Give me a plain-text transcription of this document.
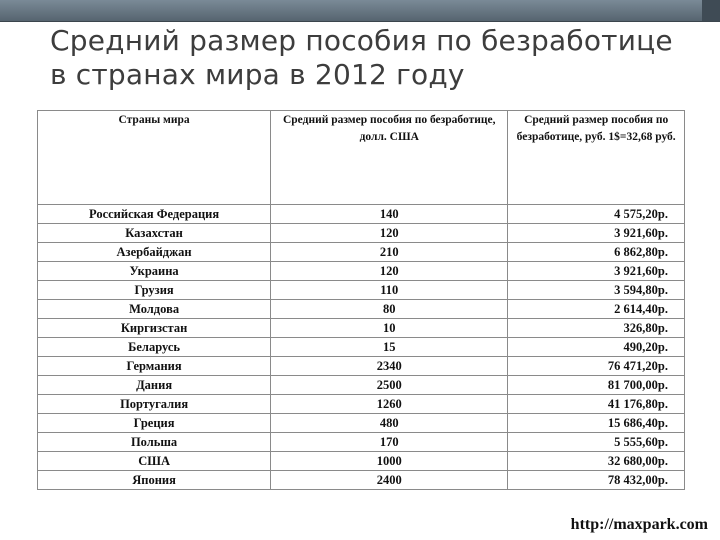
Средний размер пособия по безработице
в странах мира в 2012 году
Страны мира	Средний размер пособия по безработице, долл. США	Средний размер пособия по безработице, руб. 1$=32,68 руб.
Российская Федерация	140	4 575,20р.
Казахстан	120	3 921,60р.
Азербайджан	210	6 862,80р.
Украина	120	3 921,60р.
Грузия	110	3 594,80р.
Молдова	80	2 614,40р.
Киргизстан	10	326,80р.
Беларусь	15	490,20р.
Германия	2340	76 471,20р.
Дания	2500	81 700,00р.
Португалия	1260	41 176,80р.
Греция	480	15 686,40р.
Польша	170	5 555,60р.
США	1000	32 680,00р.
Япония	2400	78 432,00р.
http://maxpark.com
